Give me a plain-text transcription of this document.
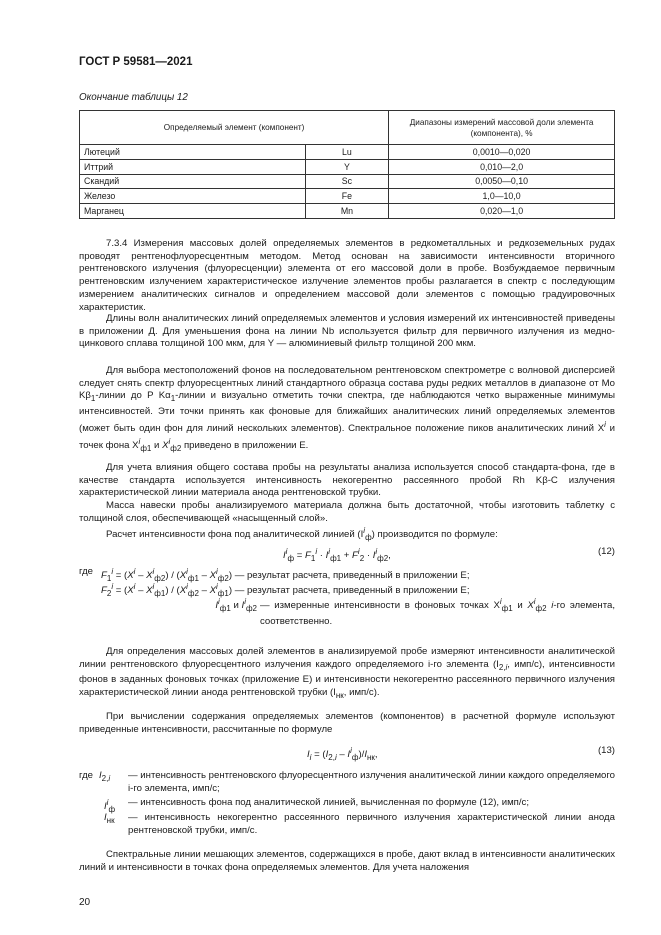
ГОСТ Р 59581—2021

Окончание таблицы 12
Определяемый элемент (компонент)		Диапазоны измерений массовой доли элемента (компонента), %
Лютеций	Lu	0,0010—0,020
Иттрий	Y	0,010—2,0
Скандий	Sc	0,0050—0,10
Железо	Fe	1,0—10,0
Марганец	Mn	0,020—1,0
7.3.4 Измерения массовых долей определяемых элементов в редкометалльных и редкоземельных рудах проводят рентгенофлуоресцентным методом. Метод основан на зависимости интенсивности вторичного рентгеновского излучения (флуоресценции) элемента от его массовой доли в пробе. Возбуждаемое первичным рентгеновским излучением характеристическое излучение элементов пробы разлагается в спектр с последующим измерением аналитических сигналов и определением массовой доли элементов с помощью градуировочных характеристик.
Длины волн аналитических линий определяемых элементов и условия измерений их интенсивностей приведены в приложении Д. Для уменьшения фона на линии Nb используется фильтр для первичного излучения из медно-цинкового сплава толщиной 100 мкм, для Y — алюминиевый фильтр толщиной 200 мкм.
Для выбора местоположений фонов на последовательном рентгеновском спектрометре с волновой дисперсией следует снять спектр флуоресцентных линий стандартного образца состава руды редких металлов в диапазоне от Mo $K\beta_1$-линии до P $K\alpha_1$-линии и визуально отметить точки спектра, где наблюдаются четко выраженные минимумы интенсивностей. Эти точки принять как фоновые для ближайших аналитических линий определяемых элементов (может быть один фон для линий нескольких элементов). Спектральное положение пиков аналитических линий $X^i$ и точек фона $X^i_{ф1}$ и $X^i_{ф2}$ приведено в приложении Е.
Для учета влияния общего состава пробы на результаты анализа используется способ стандарта-фона, где в качестве стандарта используется интенсивность некогерентно рассеянного пробой Rh Kβ-С излучения характеристической линии материала анода рентгеновской трубки.
Масса навески пробы анализируемого материала должна быть достаточной, чтобы изготовить таблетку с толщиной слоя, обеспечивающей «насыщенный слой».
Расчет интенсивности фона под аналитической линией $(I^i_ф)$ производится по формуле:
$I^i_ф = F_1^i \cdot I^i_{ф1} + F^i_2 \cdot I^i_{ф2}$,	(12)
где $F_1^i = (X^i - X^i_{ф2}) / (X^i_{ф1} - X^i_{ф2})$ — результат расчета, приведенный в приложении Е;
$F_2^i = (X^i - X^i_{ф1}) / (X^i_{ф2} - X^i_{ф1})$ — результат расчета, приведенный в приложении Е;
$I^i_{ф1}$ и $I^i_{ф2}$ — измеренные интенсивности в фоновых точках $X^i_{ф1}$ и $X^i_{ф2}$ i-го элемента, соответственно.
Для определения массовых долей элементов в анализируемой пробе измеряют интенсивности аналитической линии рентгеновского флуоресцентного излучения каждого определяемого i-го элемента ($I_{2,i}$, имп/с), интенсивности фонов в заданных фоновых точках (приложение Е) и интенсивности некогерентно рассеянного первичного излучения характеристической линии анода рентгеновской трубки ($I_{нк}$, имп/с).
При вычислении содержания определяемых элементов (компонентов) в расчетной формуле используют приведенные интенсивности, рассчитанные по формуле
$I_i = (I_{2,i} - I^i_ф)/I_{нк}$,	(13)
где $I_{2,i}$ — интенсивность рентгеновского флуоресцентного излучения аналитической линии каждого определяемого i-го элемента, имп/с;
$I^i_ф$
— интенсивность фона под аналитической линией, вычисленная по формуле (12), имп/с;
$I_{нк}$ — интенсивность некогерентно рассеянного первичного излучения характеристической линии анода рентгеновской трубки, имп/с.
Спектральные линии мешающих элементов, содержащихся в пробе, дают вклад в интенсивности аналитических линий и интенсивности в точках фона определяемых элементов. Для учета наложения
20
